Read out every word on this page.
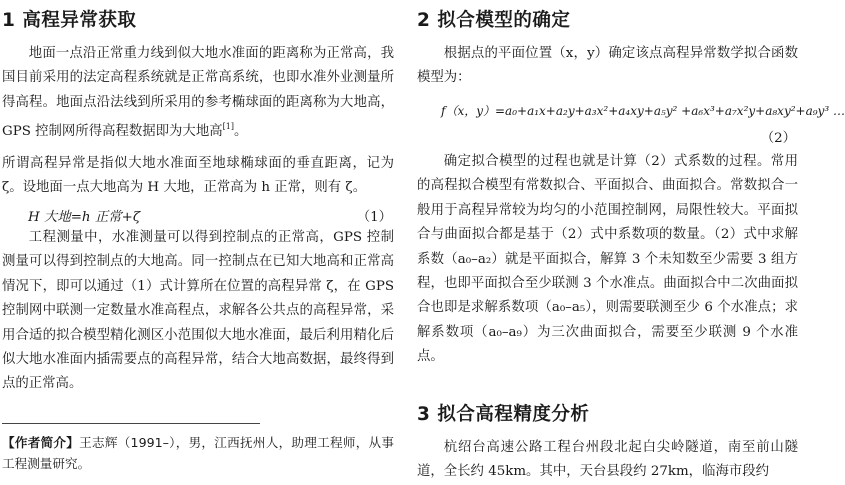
1 高程异常获取

地面一点沿正常重力线到似大地水准面的距离称为正常高，我国目前采用的法定高程系统就是正常高系统，也即水准外业测量所得高程。地面点沿法线到所采用的参考椭球面的距离称为大地高，GPS 控制网所得高程数据即为大地高[1]。

所谓高程异常是指似大地水准面至地球椭球面的垂直距离，记为 ζ。设地面一点大地高为 H 大地，正常高为 h 正常，则有 ζ。

H 大地=h 正常+ζ	（1）

工程测量中，水准测量可以得到控制点的正常高，GPS 控制测量可以得到控制点的大地高。同一控制点在已知大地高和正常高情况下，即可以通过（1）式计算所在位置的高程异常 ζ，在 GPS 控制网中联测一定数量水准高程点，求解各公共点的高程异常，采用合适的拟合模型精化测区小范围似大地水准面，最后利用精化后似大地水准面内插需要点的高程异常，结合大地高数据，最终得到点的正常高。

【作者简介】王志辉（1991–），男，江西抚州人，助理工程师，从事工程测量研究。

2 拟合模型的确定

根据点的平面位置（x，y）确定该点高程异常数学拟合函数模型为：

f（x，y）=a₀+a₁x+a₂y+a₃x²+a₄xy+a₅y² +a₆x³+a₇x²y+a₈xy²+a₉y³ …
（2）

确定拟合模型的过程也就是计算（2）式系数的过程。常用的高程拟合模型有常数拟合、平面拟合、曲面拟合。常数拟合一般用于高程异常较为均匀的小范围控制网，局限性较大。平面拟合与曲面拟合都是基于（2）式中系数项的数量。（2）式中求解系数（a₀–a₂）就是平面拟合，解算 3 个未知数至少需要 3 组方程，也即平面拟合至少联测 3 个水准点。曲面拟合中二次曲面拟合也即是求解系数项（a₀–a₅），则需要联测至少 6 个水准点；求解系数项（a₀–a₉）为三次曲面拟合，需要至少联测 9 个水准点。

3 拟合高程精度分析

杭绍台高速公路工程台州段北起白尖岭隧道，南至前山隧道，全长约 45km。其中，天台县段约 27km，临海市段约
